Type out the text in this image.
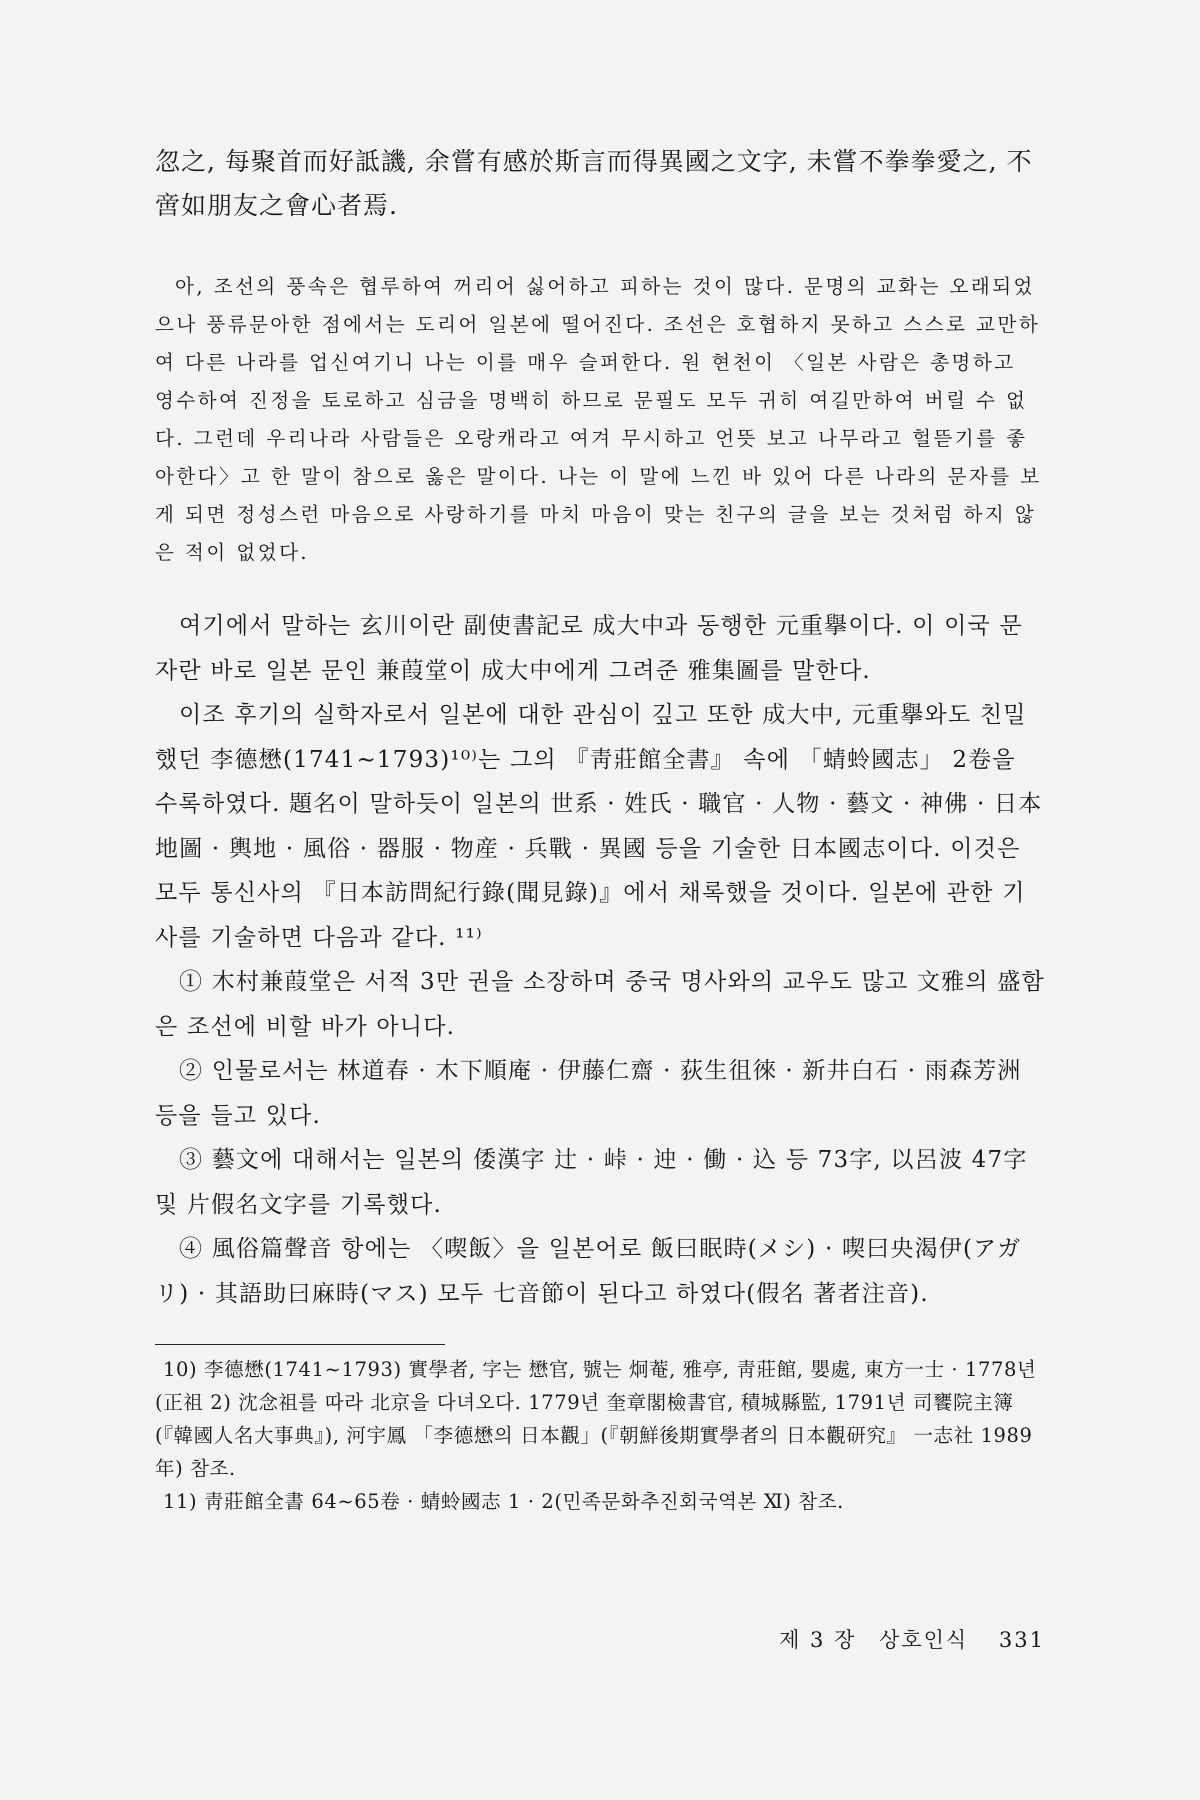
忽之, 每聚首而好詆譏, 余嘗有感於斯言而得異國之文字, 未嘗不拳拳愛之, 不啻如朋友之會心者焉.

아, 조선의 풍속은 협루하여 꺼리어 싫어하고 피하는 것이 많다. 문명의 교화는 오래되었으나 풍류문아한 점에서는 도리어 일본에 떨어진다. 조선은 호협하지 못하고 스스로 교만하여 다른 나라를 업신여기니 나는 이를 매우 슬퍼한다. 원 현천이 〈일본 사람은 총명하고 영수하여 진정을 토로하고 심금을 명백히 하므로 문필도 모두 귀히 여길만하여 버릴 수 없다. 그런데 우리나라 사람들은 오랑캐라고 여겨 무시하고 언뜻 보고 나무라고 헐뜯기를 좋아한다〉고 한 말이 참으로 옳은 말이다. 나는 이 말에 느낀 바 있어 다른 나라의 문자를 보게 되면 정성스런 마음으로 사랑하기를 마치 마음이 맞는 친구의 글을 보는 것처럼 하지 않은 적이 없었다.

여기에서 말하는 玄川이란 副使書記로 成大中과 동행한 元重擧이다. 이 이국 문자란 바로 일본 문인 兼葭堂이 成大中에게 그려준 雅集圖를 말한다.

이조 후기의 실학자로서 일본에 대한 관심이 깊고 또한 成大中, 元重擧와도 친밀했던 李德懋(1741∼1793)¹⁰⁾는 그의 『靑莊館全書』 속에 「蜻蛉國志」 2卷을 수록하였다. 題名이 말하듯이 일본의 世系 · 姓氏 · 職官 · 人物 · 藝文 · 神佛 · 日本地圖 · 輿地 · 風俗 · 器服 · 物産 · 兵戰 · 異國 등을 기술한 日本國志이다. 이것은 모두 통신사의 『日本訪問紀行錄(聞見錄)』에서 채록했을 것이다. 일본에 관한 기사를 기술하면 다음과 같다. ¹¹⁾

① 木村兼葭堂은 서적 3만 권을 소장하며 중국 명사와의 교우도 많고 文雅의 盛함은 조선에 비할 바가 아니다.

② 인물로서는 林道春 · 木下順庵 · 伊藤仁齋 · 荻生徂徠 · 新井白石 · 雨森芳洲 등을 들고 있다.

③ 藝文에 대해서는 일본의 倭漢字 辻 · 峠 · 迚 · 働 · 込 등 73字, 以呂波 47字 및 片假名文字를 기록했다.

④ 風俗篇聲音 항에는 〈喫飯〉을 일본어로 飯曰眠時(メシ) · 喫曰央渴伊(アガリ) · 其語助曰麻時(マス) 모두 七音節이 된다고 하였다(假名 著者注音).

10) 李德懋(1741∼1793) 實學者, 字는 懋官, 號는 炯菴, 雅亭, 靑莊館, 嬰處, 東方一士 · 1778년(正祖 2) 沈念祖를 따라 北京을 다녀오다. 1779년 奎章閣檢書官, 積城縣監, 1791년 司饔院主簿(『韓國人名大事典』), 河宇鳳 「李德懋의 日本觀」(『朝鮮後期實學者의 日本觀研究』 一志社 1989年) 참조.

11) 靑莊館全書 64∼65卷 · 蜻蛉國志 1 · 2(민족문화추진회국역본 Ⅺ) 참조.

제 3 장 상호인식 331
